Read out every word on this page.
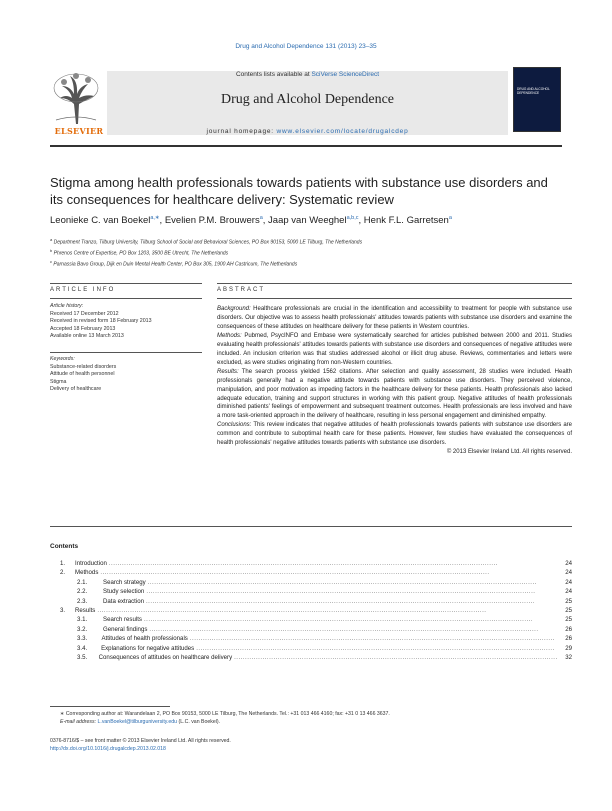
Drug and Alcohol Dependence 131 (2013) 23–35
ELSEVIER
Contents lists available at SciVerse ScienceDirect
Drug and Alcohol Dependence
journal homepage: www.elsevier.com/locate/drugalcdep
DRUG AND ALCOHOL DEPENDENCE
Stigma among health professionals towards patients with substance use disorders and its consequences for healthcare delivery: Systematic review
Leonieke C. van Boekel$^{a,∗}$, Evelien P.M. Brouwers$^a$, Jaap van Weeghel$^{a,b,c}$, Henk F.L. Garretsen$^a$
$^a$ Department Tranzo, Tilburg University, Tilburg School of Social and Behavioral Sciences, PO Box 90153, 5000 LE Tilburg, The Netherlands
$^b$ Phrenos Centre of Expertise, PO Box 1203, 3500 BE Utrecht, The Netherlands
$^c$ Parnassia Bavo Group, Dijk en Duin Mental Health Center, PO Box 305, 1900 AH Castricum, The Netherlands
ARTICLE INFO	ABSTRACT
Article history:
Received 17 December 2012
Received in revised form 18 February 2013
Accepted 18 February 2013
Available online 13 March 2013
Keywords:
Substance-related disorders
Attitude of health personnel
Stigma
Delivery of healthcare

Background: Healthcare professionals are crucial in the identification and accessibility to treatment for people with substance use disorders. Our objective was to assess health professionals' attitudes towards patients with substance use disorders and examine the consequences of these attitudes on healthcare delivery for these patients in Western countries.

Methods: Pubmed, PsycINFO and Embase were systematically searched for articles published between 2000 and 2011. Studies evaluating health professionals' attitudes towards patients with substance use disorders and consequences of negative attitudes were included. An inclusion criterion was that studies addressed alcohol or illicit drug abuse. Reviews, commentaries and letters were excluded, as were studies originating from non-Western countries.

Results: The search process yielded 1562 citations. After selection and quality assessment, 28 studies were included. Health professionals generally had a negative attitude towards patients with substance use disorders. They perceived violence, manipulation, and poor motivation as impeding factors in the healthcare delivery for these patients. Health professionals also lacked adequate education, training and support structures in working with this patient group. Negative attitudes of health professionals diminished patients' feelings of empowerment and subsequent treatment outcomes. Health professionals are less involved and have a more task-oriented approach in the delivery of healthcare, resulting in less personal engagement and diminished empathy.

Conclusions: This review indicates that negative attitudes of health professionals towards patients with substance use disorders are common and contribute to suboptimal health care for these patients. However, few studies have evaluated the consequences of health professionals' negative attitudes towards patients with substance use disorders.

© 2013 Elsevier Ireland Ltd. All rights reserved.

Contents
1.	Introduction . . .	24
2.	Methods . . .	24
2.1.	Search strategy . . .	24
2.2.	Study selection . . .	24
2.3.	Data extraction . . .	25
3.	Results . . .	25
3.1.	Search results . . .	25
3.2.	General findings . . .	26
3.3.	Attitudes of health professionals . . .	26
3.4.	Explanations for negative attitudes . . .	29
3.5.	Consequences of attitudes on healthcare delivery . . .	32
∗ Corresponding author at: Warandelaan 2, PO Box 90153, 5000 LE Tilburg, The Netherlands. Tel.: +31 013 466 4160; fax: +31 0 13 466 3637.
E-mail address: L.vanBoekel@tilburguniversity.edu (L.C. van Boekel).
0376-8716/$ – see front matter © 2013 Elsevier Ireland Ltd. All rights reserved.
http://dx.doi.org/10.1016/j.drugalcdep.2013.02.018
